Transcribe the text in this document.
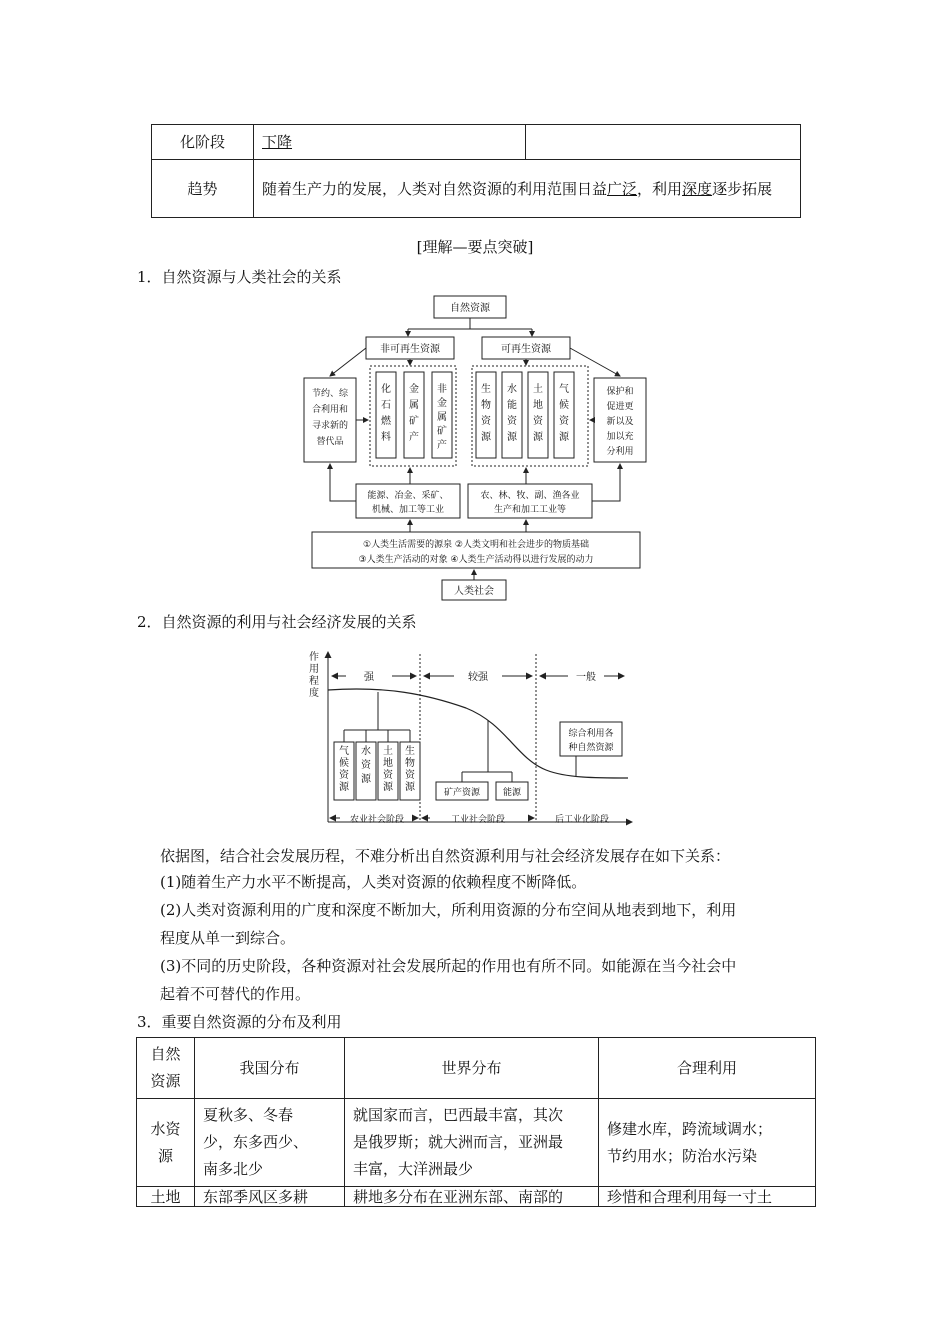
化阶段	下降	
趋势	随着生产力的发展，人类对自然资源的利用范围日益广泛，利用深度逐步拓展	
[理解—要点突破]
1．自然资源与人类社会的关系
自然资源
非可再生资源	可再生资源
化石燃料
金属矿产
非金属矿产
生物资源
水能资源
土地资源
气候资源
节约、综合利用和寻求新的替代品
保护和促进更新以及加以充分利用
能源、冶金、采矿、
机械、加工等工业
农、林、牧、副、渔各业
生产和加工工业等
①人类生活需要的源泉 ②人类文明和社会进步的物质基础
③人类生产活动的对象 ④人类生产活动得以进行发展的动力
人类社会
2．自然资源的利用与社会经济发展的关系
作
用
程
度
强	较强	一般
农业社会阶段	工业社会阶段	后工业化阶段
矿产资源	能源
综合利用各
种自然资源
气候资源
水资源
土地资源
生物资源
依据图，结合社会发展历程，不难分析出自然资源利用与社会经济发展存在如下关系：
(1)随着生产力水平不断提高，人类对资源的依赖程度不断降低。
(2)人类对资源利用的广度和深度不断加大，所利用资源的分布空间从地表到地下，利用
程度从单一到综合。
(3)不同的历史阶段，各种资源对社会发展所起的作用也有所不同。如能源在当今社会中
起着不可替代的作用。
3．重要自然资源的分布及利用
自然
资源	我国分布	世界分布	合理利用
水资
源	夏秋多、冬春
少，东多西少、
南多北少	就国家而言，巴西最丰富，其次
是俄罗斯；就大洲而言，亚洲最
丰富，大洋洲最少	修建水库，跨流域调水；
节约用水；防治水污染
土地	东部季风区多耕	耕地多分布在亚洲东部、南部的	珍惜和合理利用每一寸土
